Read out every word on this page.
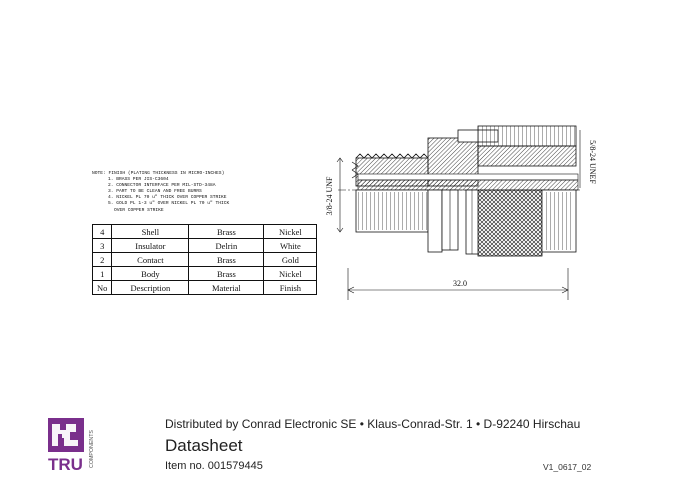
NOTE: FINISH (PLATING THICKNESS IN MICRO-INCHES)
1. BRASS PER JIS-C3604
2. CONNECTOR INTERFACE PER MIL-STD-348A
3. PART TO BE CLEAN AND FREE BURRS
4. NICKEL PL 70 u" THICK OVER COPPER STRIKE
5. GOLD PL 1-3 u" OVER NICKEL PL 70 u" THICK
OVER COPPER STRIKE
4	Shell	Brass	Nickel
3	Insulator	Delrin	White
2	Contact	Brass	Gold
1	Body	Brass	Nickel
No	Description	Material	Finish
3/8-24 UNF
5/8-24 UNEF
32.0
TRU COMPONENTS
Distributed by Conrad Electronic SE • Klaus-Conrad-Str. 1 • D-92240 Hirschau
Datasheet
Item no. 001579445	V1_0617_02
